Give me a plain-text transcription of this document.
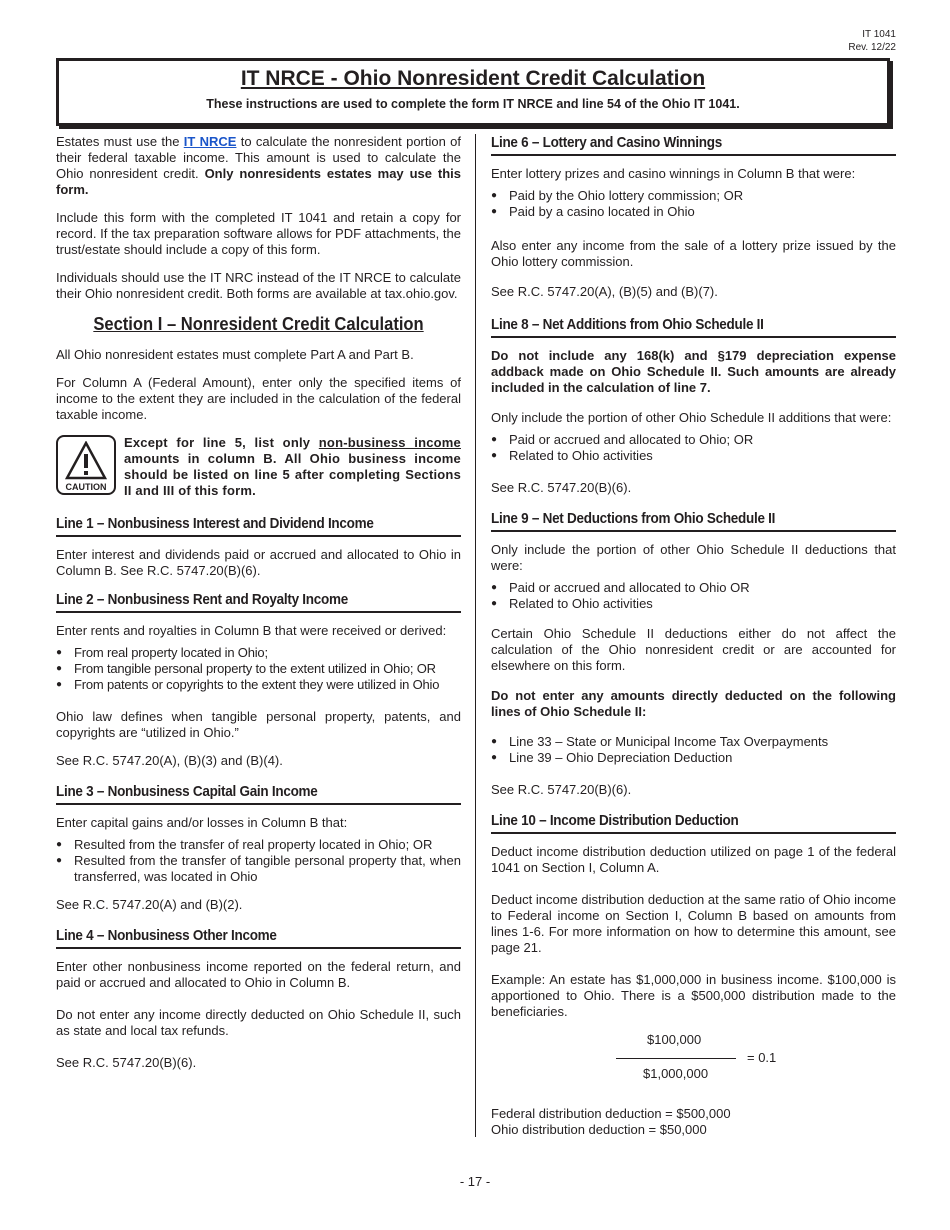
IT 1041
Rev. 12/22
IT NRCE - Ohio Nonresident Credit Calculation
These instructions are used to complete the form IT NRCE and line 54 of the Ohio IT 1041.

Estates must use the IT NRCE to calculate the nonresident portion of their federal taxable income. This amount is used to calculate the Ohio nonresident credit. Only nonresidents estates may use this form.

Include this form with the completed IT 1041 and retain a copy for record. If the tax preparation software allows for PDF attachments, the trust/estate should include a copy of this form.

Individuals should use the IT NRC instead of the IT NRCE to calculate their Ohio nonresident credit. Both forms are available at tax.ohio.gov.

Section I – Nonresident Credit Calculation

All Ohio nonresident estates must complete Part A and Part B.

For Column A (Federal Amount), enter only the specified items of income to the extent they are included in the calculation of the federal taxable income.

CAUTION
Except for line 5, list only non-business income amounts in column B. All Ohio business income should be listed on line 5 after completing Sections II and III of this form.
Line 1 – Nonbusiness Interest and Dividend Income

Enter interest and dividends paid or accrued and allocated to Ohio in Column B. See R.C. 5747.20(B)(6).

Line 2 – Nonbusiness Rent and Royalty Income

Enter rents and royalties in Column B that were received or derived:

● From real property located in Ohio;
● From tangible personal property to the extent utilized in Ohio; OR
● From patents or copyrights to the extent they were utilized in Ohio

Ohio law defines when tangible personal property, patents, and copyrights are “utilized in Ohio.”

See R.C. 5747.20(A), (B)(3) and (B)(4).

Line 3 – Nonbusiness Capital Gain Income

Enter capital gains and/or losses in Column B that:

● Resulted from the transfer of real property located in Ohio; OR
● Resulted from the transfer of tangible personal property that, when transferred, was located in Ohio

See R.C. 5747.20(A) and (B)(2).

Line 4 – Nonbusiness Other Income

Enter other nonbusiness income reported on the federal return, and paid or accrued and allocated to Ohio in Column B.

Do not enter any income directly deducted on Ohio Schedule II, such as state and local tax refunds.

See R.C. 5747.20(B)(6).

Line 6 – Lottery and Casino Winnings

Enter lottery prizes and casino winnings in Column B that were:

● Paid by the Ohio lottery commission; OR
● Paid by a casino located in Ohio

Also enter any income from the sale of a lottery prize issued by the Ohio lottery commission.

See R.C. 5747.20(A), (B)(5) and (B)(7).

Line 8 – Net Additions from Ohio Schedule II

Do not include any 168(k) and §179 depreciation expense addback made on Ohio Schedule II. Such amounts are already included in the calculation of line 7.

Only include the portion of other Ohio Schedule II additions that were:

● Paid or accrued and allocated to Ohio; OR
● Related to Ohio activities

See R.C. 5747.20(B)(6).

Line 9 – Net Deductions from Ohio Schedule II

Only include the portion of other Ohio Schedule II deductions that were:

● Paid or accrued and allocated to Ohio OR
● Related to Ohio activities

Certain Ohio Schedule II deductions either do not affect the calculation of the Ohio nonresident credit or are accounted for elsewhere on this form.

Do not enter any amounts directly deducted on the following lines of Ohio Schedule II:

● Line 33 – State or Municipal Income Tax Overpayments
● Line 39 – Ohio Depreciation Deduction

See R.C. 5747.20(B)(6).

Line 10 – Income Distribution Deduction

Deduct income distribution deduction utilized on page 1 of the federal 1041 on Section I, Column A.

Deduct income distribution deduction at the same ratio of Ohio income to Federal income on Section I, Column B based on amounts from lines 1-6. For more information on how to determine this amount, see page 21.

Example: An estate has $1,000,000 in business income. $100,000 is apportioned to Ohio. There is a $500,000 distribution made to the beneficiaries.

$100,000
$1,000,000
= 0.1
Federal distribution deduction = $500,000
Ohio distribution deduction = $50,000
- 17 -
